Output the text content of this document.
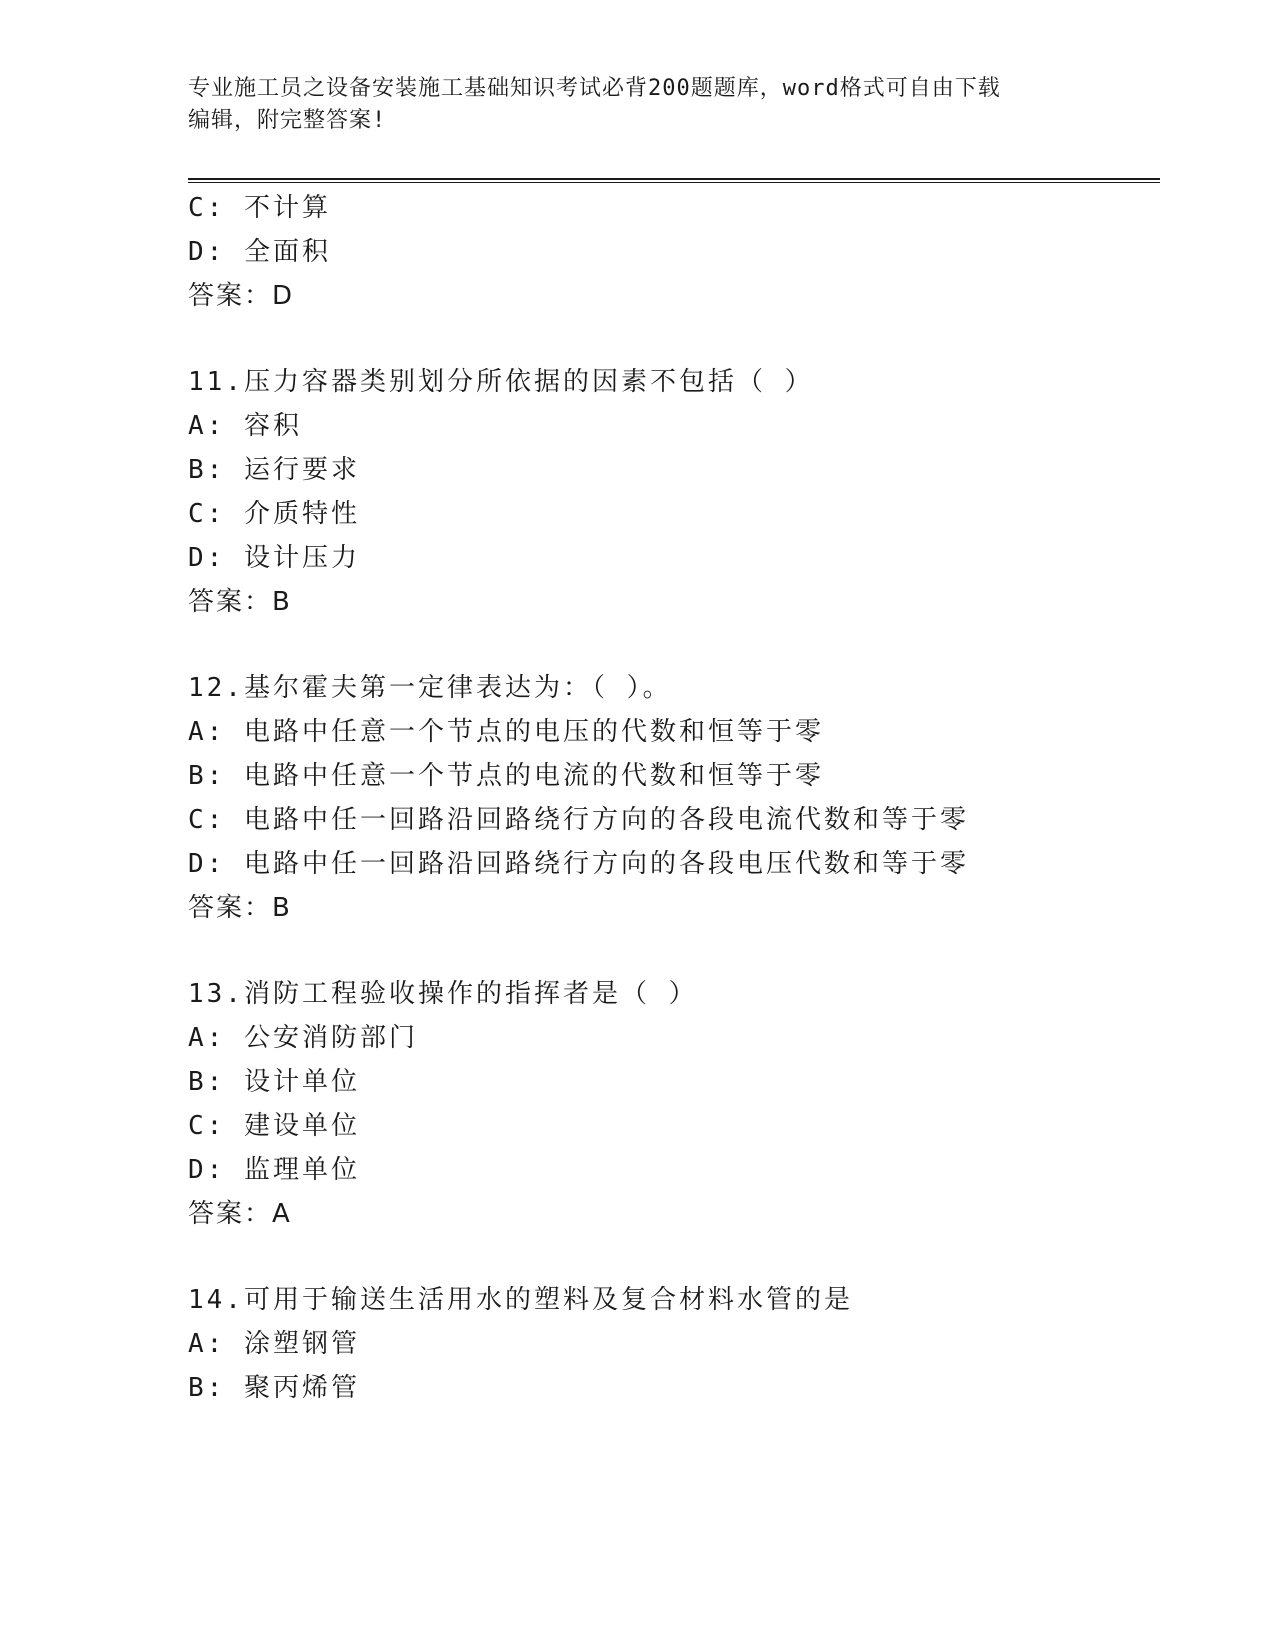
专业施工员之设备安装施工基础知识考试必背200题题库，word格式可自由下载
编辑，附完整答案!
C: 不计算
D: 全面积
答案：D
11.压力容器类别划分所依据的因素不包括（ ）
A: 容积
B: 运行要求
C: 介质特性
D: 设计压力
答案：B
12.基尔霍夫第一定律表达为：（ ）。
A: 电路中任意一个节点的电压的代数和恒等于零
B: 电路中任意一个节点的电流的代数和恒等于零
C: 电路中任一回路沿回路绕行方向的各段电流代数和等于零
D: 电路中任一回路沿回路绕行方向的各段电压代数和等于零
答案：B
13.消防工程验收操作的指挥者是（ ）
A: 公安消防部门
B: 设计单位
C: 建设单位
D: 监理单位
答案：A
14.可用于输送生活用水的塑料及复合材料水管的是
A: 涂塑钢管
B: 聚丙烯管
